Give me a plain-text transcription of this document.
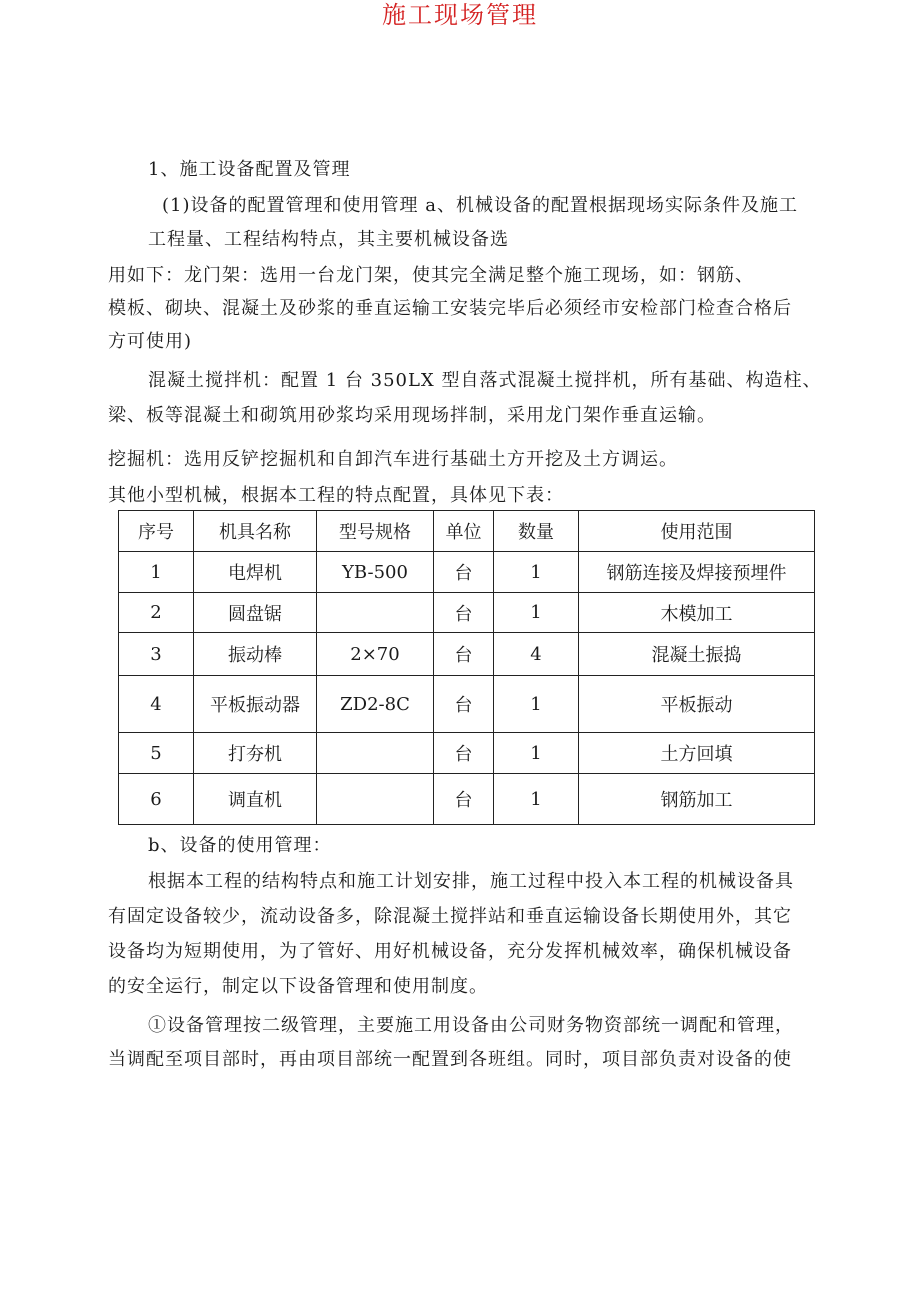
施工现场管理
1、施工设备配置及管理
(1)设备的配置管理和使用管理 a、机械设备的配置根据现场实际条件及施工
工程量、工程结构特点，其主要机械设备选
用如下：龙门架：选用一台龙门架，使其完全满足整个施工现场，如：钢筋、
模板、砌块、混凝土及砂浆的垂直运输工安装完毕后必须经市安检部门检查合格后
方可使用)
混凝土搅拌机：配置 1 台 350LX 型自落式混凝土搅拌机，所有基础、构造柱、
梁、板等混凝土和砌筑用砂浆均采用现场拌制，采用龙门架作垂直运输。
挖掘机：选用反铲挖掘机和自卸汽车进行基础土方开挖及土方调运。
其他小型机械，根据本工程的特点配置，具体见下表：
序号	机具名称	型号规格	单位	数量	使用范围
1	电焊机	YB-500	台	1	钢筋连接及焊接预埋件
2	圆盘锯		台	1	木模加工
3	振动棒	2×70	台	4	混凝土振捣
4	平板振动器	ZD2-8C	台	1	平板振动
5	打夯机		台	1	土方回填
6	调直机		台	1	钢筋加工
b、设备的使用管理：
根据本工程的结构特点和施工计划安排，施工过程中投入本工程的机械设备具
有固定设备较少，流动设备多，除混凝土搅拌站和垂直运输设备长期使用外，其它
设备均为短期使用，为了管好、用好机械设备，充分发挥机械效率，确保机械设备
的安全运行，制定以下设备管理和使用制度。
①设备管理按二级管理，主要施工用设备由公司财务物资部统一调配和管理，
当调配至项目部时，再由项目部统一配置到各班组。同时，项目部负责对设备的使
